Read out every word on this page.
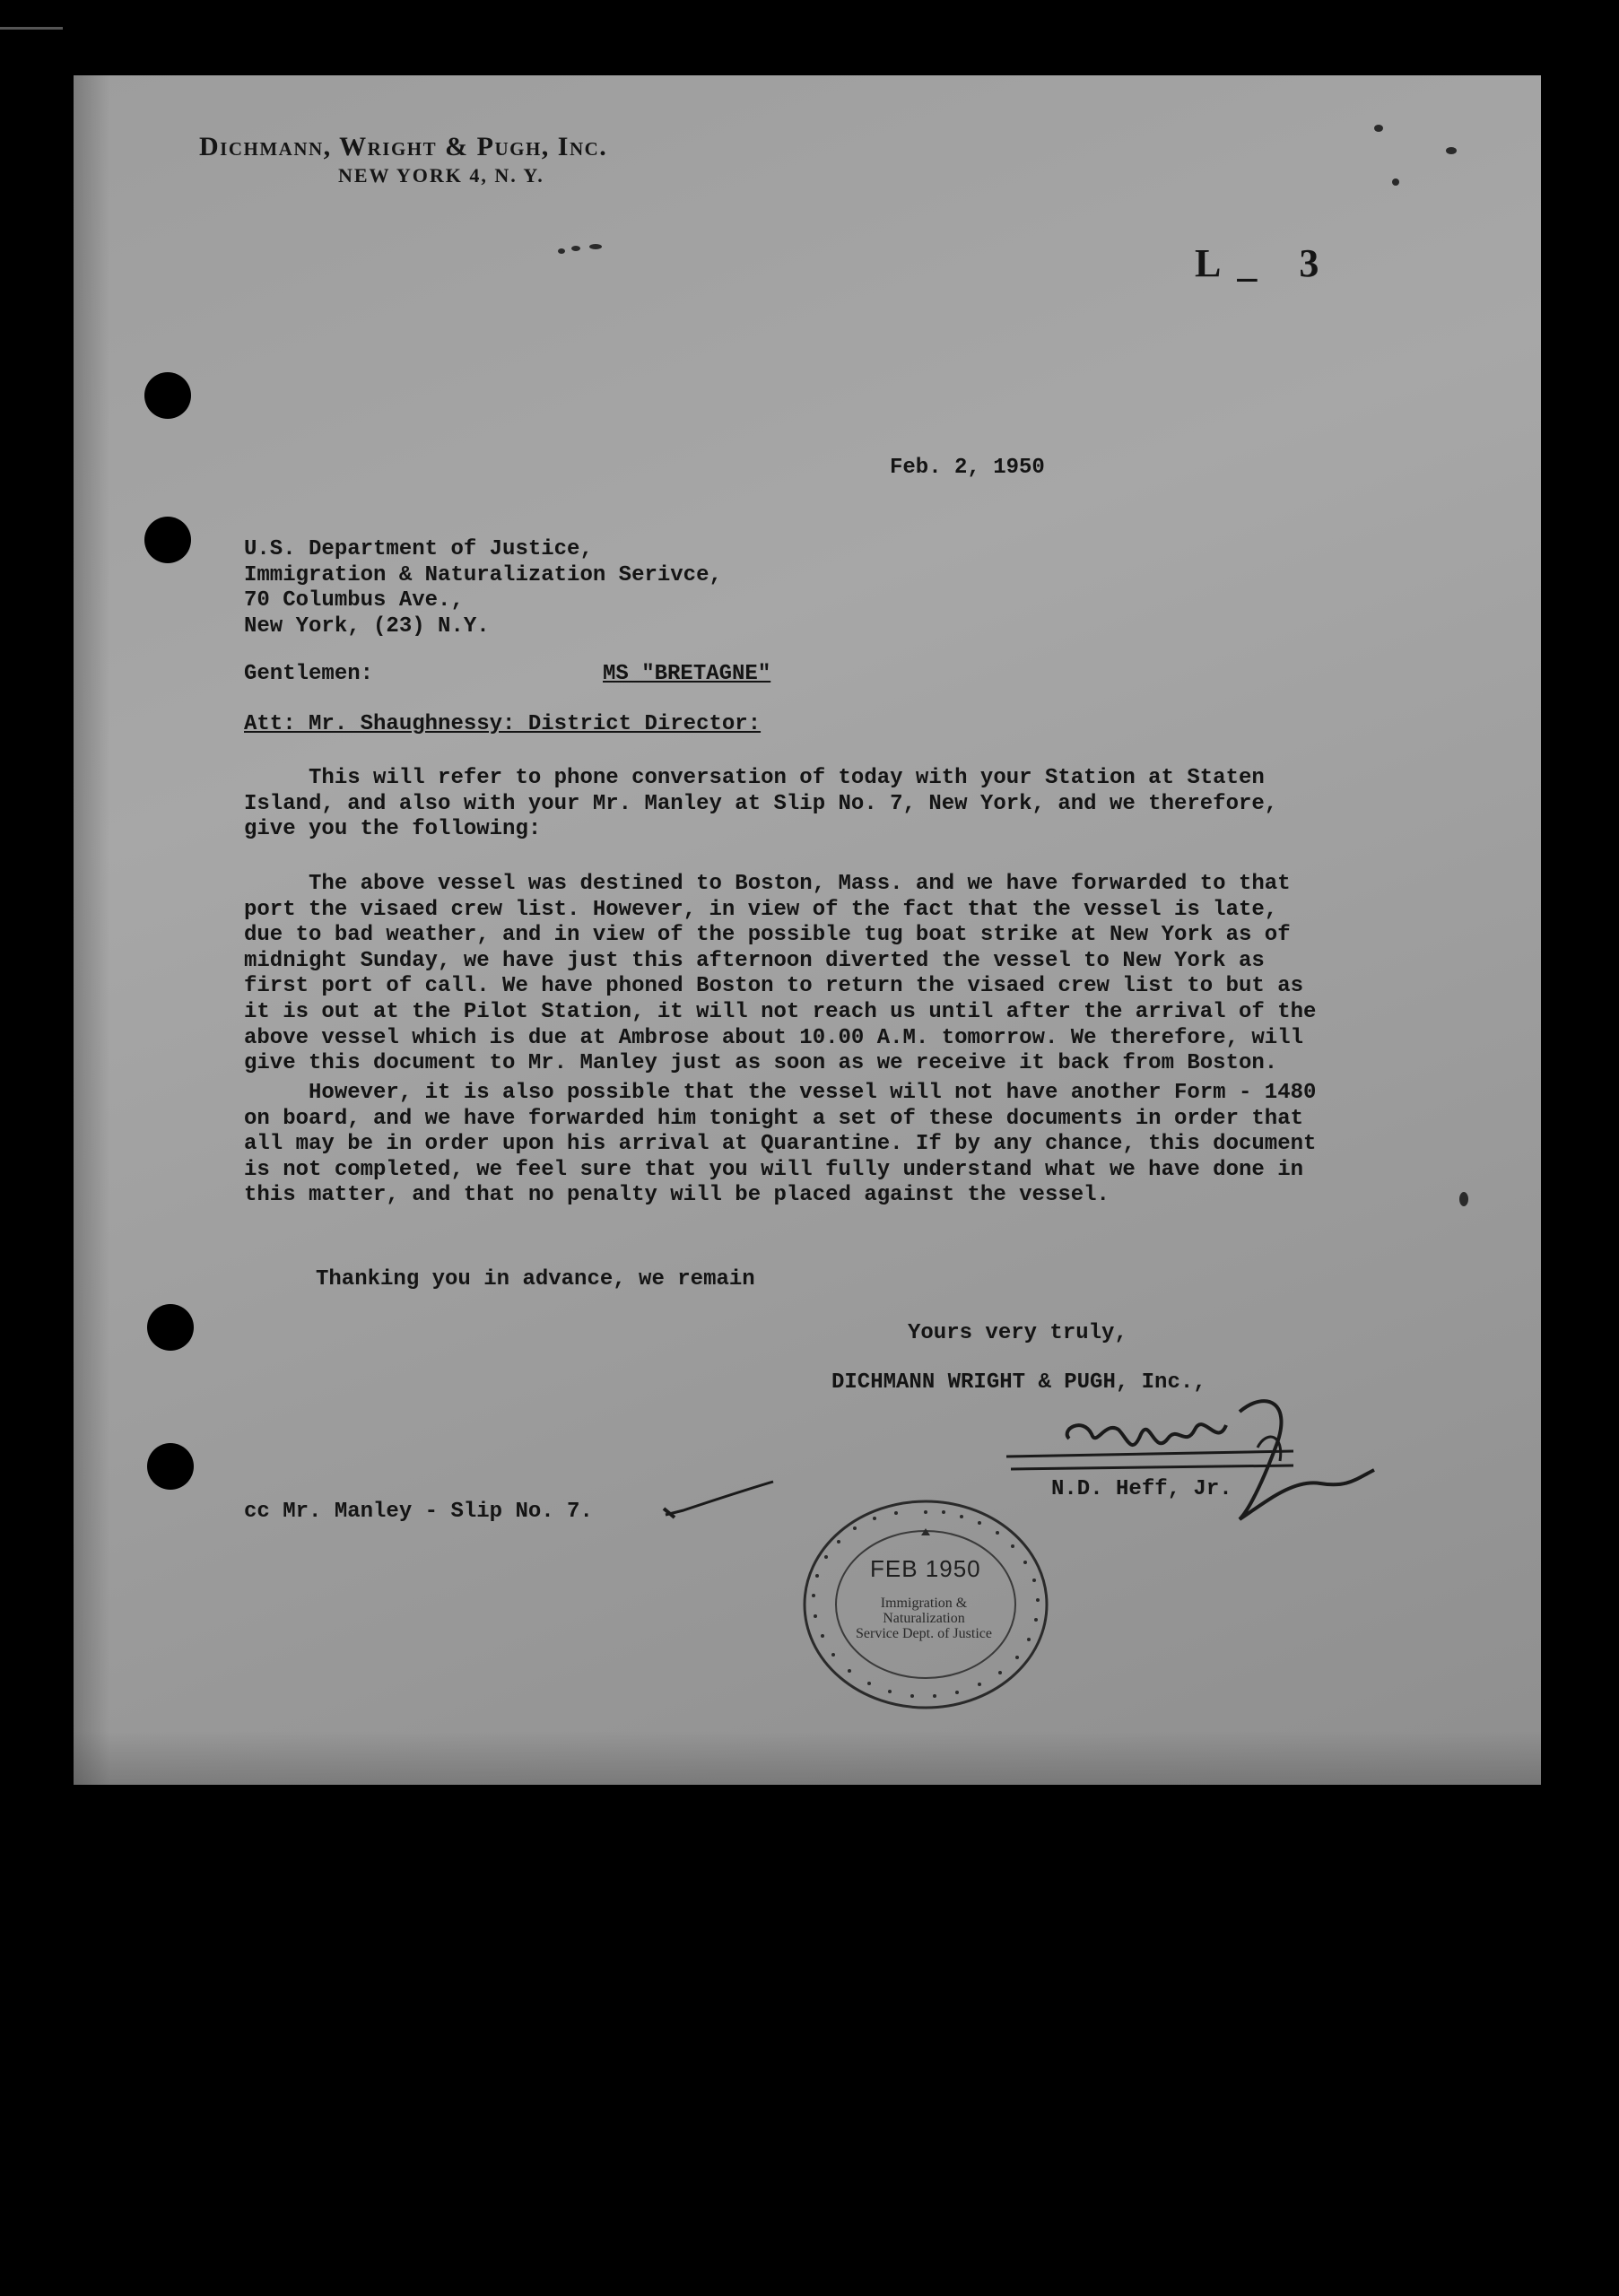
Dichmann, Wright & Pugh, Inc.
NEW YORK 4, N. Y.
L_ 3
Feb. 2, 1950
U.S. Department of Justice,
Immigration & Naturalization Serivce,
70 Columbus Ave.,
New York, (23) N.Y.
Gentlemen:	MS "BRETAGNE"
Att: Mr. Shaughnessy: District Director:
This will refer to phone conversation of today with your Station at Staten
Island, and also with your Mr. Manley at Slip No. 7, New York, and we therefore,
give you the following:
The above vessel was destined to Boston, Mass. and we have forwarded to that
port the visaed crew list. However, in view of the fact that the vessel is late,
due to bad weather, and in view of the possible tug boat strike at New York as of
midnight Sunday, we have just this afternoon diverted the vessel to New York as
first port of call. We have phoned Boston to return the visaed crew list to but as
it is out at the Pilot Station, it will not reach us until after the arrival of the
above vessel which is due at Ambrose about 10.00 A.M. tomorrow. We therefore, will
give this document to Mr. Manley just as soon as we receive it back from Boston.
However, it is also possible that the vessel will not have another Form - 1480
on board, and we have forwarded him tonight a set of these documents in order that
all may be in order upon his arrival at Quarantine. If by any chance, this document
is not completed, we feel sure that you will fully understand what we have done in
this matter, and that no penalty will be placed against the vessel.
Thanking you in advance, we remain
Yours very truly,
DICHMANN WRIGHT & PUGH, Inc.,
N.D. Heff, Jr.
cc Mr. Manley - Slip No. 7.
FEB 1950
Immigration &
Naturalization
Service Dept. of Justice
